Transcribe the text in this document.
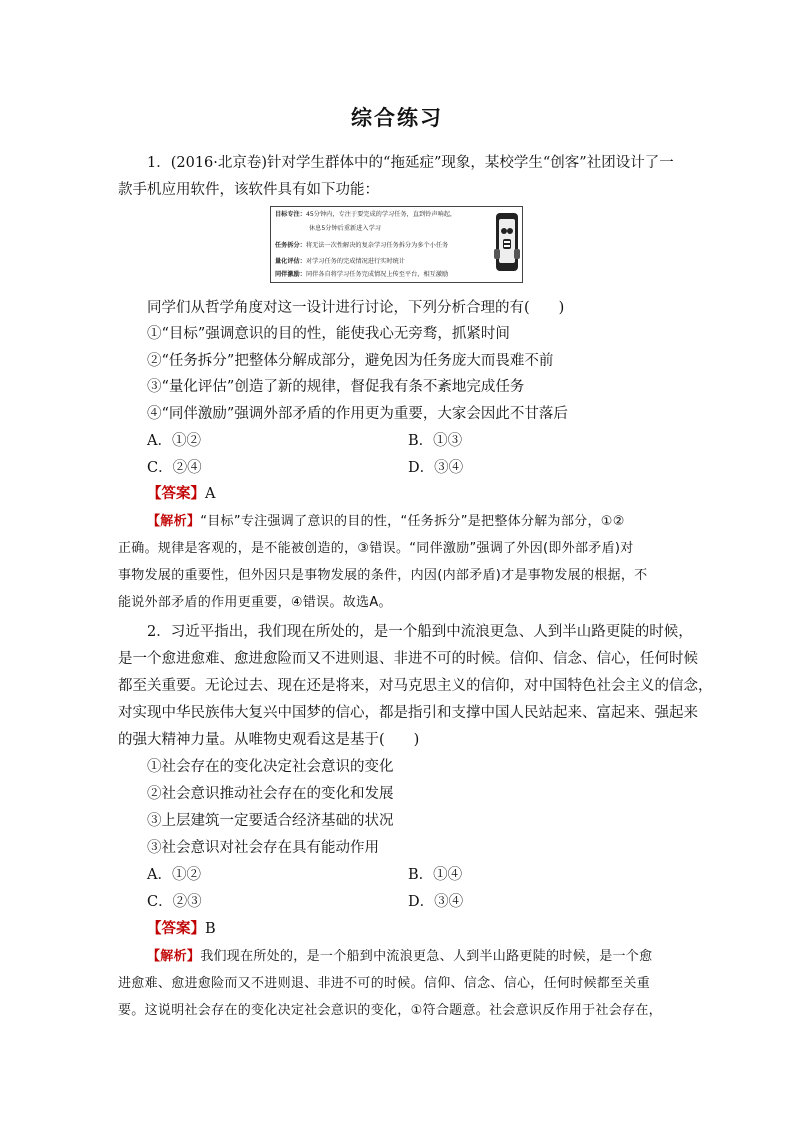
综合练习
1．(2016·北京卷)针对学生群体中的“拖延症”现象，某校学生“创客”社团设计了一
款手机应用软件，该软件具有如下功能：
目标专注：45分钟内，专注于要完成的学习任务，直到铃声响起，
休息5分钟后重新进入学习
任务拆分：将无法一次性解决的复杂学习任务拆分为多个小任务
量化评估：对学习任务的完成情况进行实时统计
同伴激励：同伴各自将学习任务完成情况上传至平台，相互激励
同学们从哲学角度对这一设计进行讨论，下列分析合理的有(　　)
①“目标”强调意识的目的性，能使我心无旁骛，抓紧时间
②“任务拆分”把整体分解成部分，避免因为任务庞大而畏难不前
③“量化评估”创造了新的规律，督促我有条不紊地完成任务
④“同伴激励”强调外部矛盾的作用更为重要，大家会因此不甘落后
A．①②	B．①③
C．②④	D．③④
【答案】A
【解析】“目标”专注强调了意识的目的性，“任务拆分”是把整体分解为部分，①②
正确。规律是客观的，是不能被创造的，③错误。“同伴激励”强调了外因(即外部矛盾)对
事物发展的重要性，但外因只是事物发展的条件，内因(内部矛盾)才是事物发展的根据，不
能说外部矛盾的作用更重要，④错误。故选A。
2．习近平指出，我们现在所处的，是一个船到中流浪更急、人到半山路更陡的时候，
是一个愈进愈难、愈进愈险而又不进则退、非进不可的时候。信仰、信念、信心，任何时候
都至关重要。无论过去、现在还是将来，对马克思主义的信仰，对中国特色社会主义的信念，
对实现中华民族伟大复兴中国梦的信心，都是指引和支撑中国人民站起来、富起来、强起来
的强大精神力量。从唯物史观看这是基于(　　)
①社会存在的变化决定社会意识的变化
②社会意识推动社会存在的变化和发展
③上层建筑一定要适合经济基础的状况
③社会意识对社会存在具有能动作用
A．①②	B．①④
C．②③	D．③④
【答案】B
【解析】我们现在所处的，是一个船到中流浪更急、人到半山路更陡的时候，是一个愈
进愈难、愈进愈险而又不进则退、非进不可的时候。信仰、信念、信心，任何时候都至关重
要。这说明社会存在的变化决定社会意识的变化，①符合题意。社会意识反作用于社会存在，
